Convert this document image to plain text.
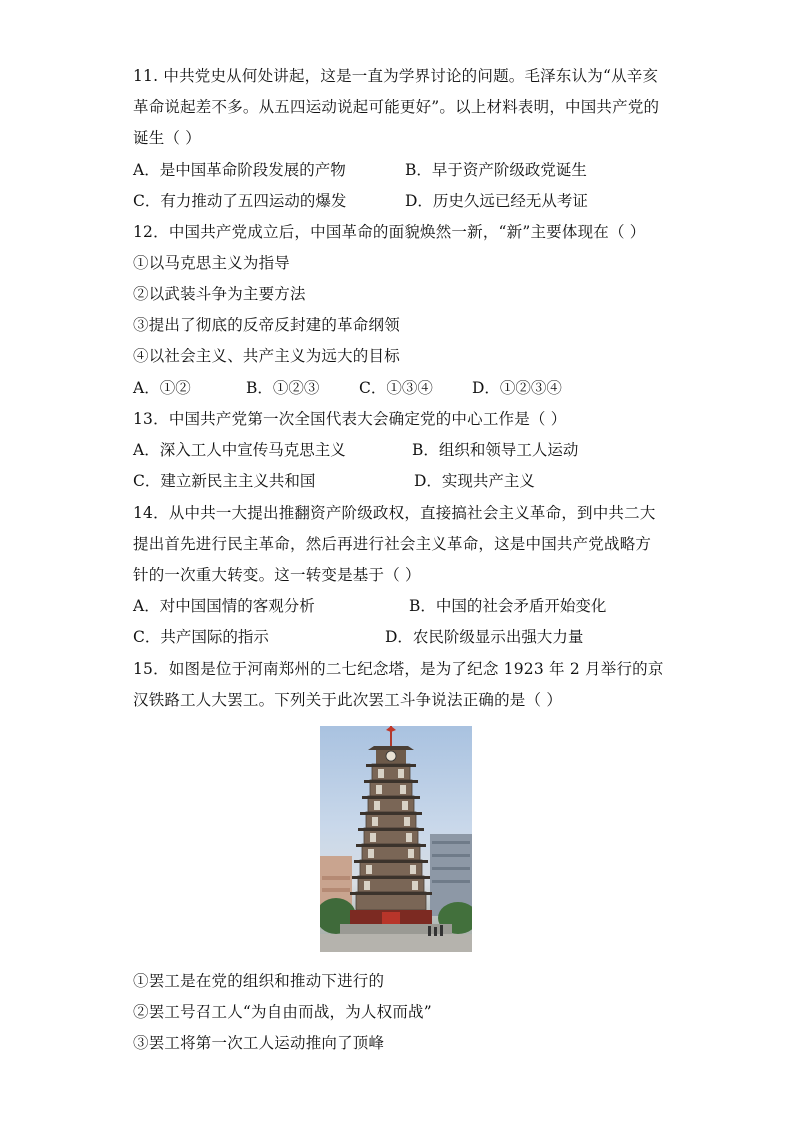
11. 中共党史从何处讲起，这是一直为学界讨论的问题。毛泽东认为“从辛亥
革命说起差不多。从五四运动说起可能更好”。以上材料表明，中国共产党的
诞生（ ）
A．是中国革命阶段发展的产物	B．早于资产阶级政党诞生
C．有力推动了五四运动的爆发	D．历史久远已经无从考证
12．中国共产党成立后，中国革命的面貌焕然一新，“新”主要体现在（ ）
①以马克思主义为指导
②以武装斗争为主要方法
③提出了彻底的反帝反封建的革命纲领
④以社会主义、共产主义为远大的目标
A．①②	B．①②③	C．①③④	D．①②③④
13．中国共产党第一次全国代表大会确定党的中心工作是（ ）
A．深入工人中宣传马克思主义	B．组织和领导工人运动
C．建立新民主主义共和国	D．实现共产主义
14．从中共一大提出推翻资产阶级政权，直接搞社会主义革命，到中共二大
提出首先进行民主革命，然后再进行社会主义革命，这是中国共产党战略方
针的一次重大转变。这一转变是基于（ ）
A．对中国国情的客观分析	B．中国的社会矛盾开始变化
C．共产国际的指示	D．农民阶级显示出强大力量
15．如图是位于河南郑州的二七纪念塔，是为了纪念 1923 年 2 月举行的京
汉铁路工人大罢工。下列关于此次罢工斗争说法正确的是（ ）
①罢工是在党的组织和推动下进行的
②罢工号召工人“为自由而战，为人权而战”
③罢工将第一次工人运动推向了顶峰
